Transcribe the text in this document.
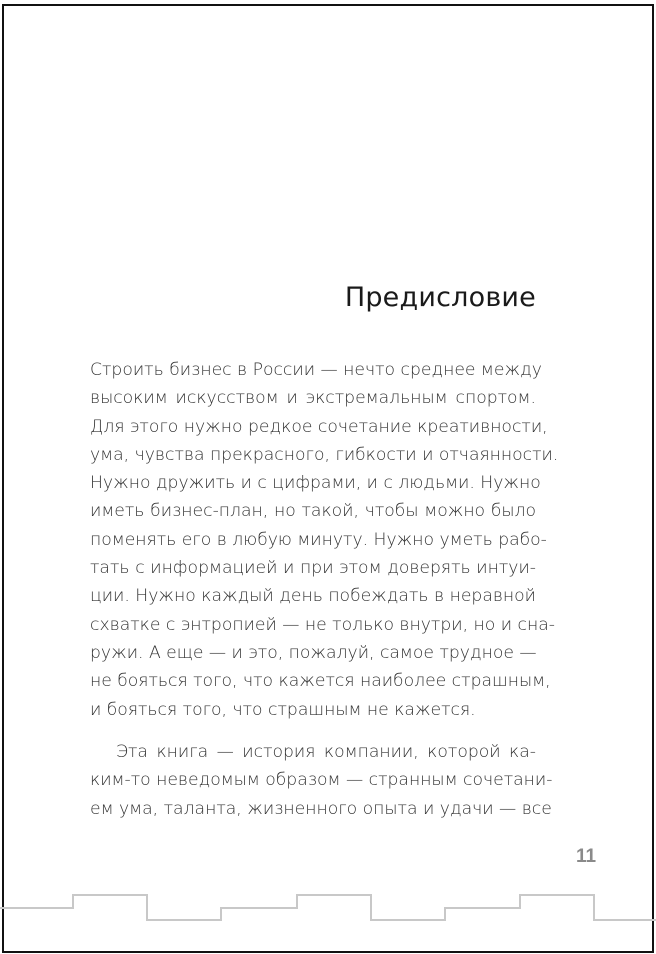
Предисловие
Строить бизнес в России — нечто среднее между
высоким искусством и экстремальным спортом.
Для этого нужно редкое сочетание креативности,
ума, чувства прекрасного, гибкости и отчаянности.
Нужно дружить и с цифрами, и с людьми. Нужно
иметь бизнес-план, но такой, чтобы можно было
поменять его в любую минуту. Нужно уметь рабо-
тать с информацией и при этом доверять интуи-
ции. Нужно каждый день побеждать в неравной
схватке с энтропией — не только внутри, но и сна-
ружи. А еще — и это, пожалуй, самое трудное —
не бояться того, что кажется наиболее страшным,
и бояться того, что страшным не кажется.
Эта книга — история компании, которой ка-
ким-то неведомым образом — странным сочетани-
ем ума, таланта, жизненного опыта и удачи — все
11
